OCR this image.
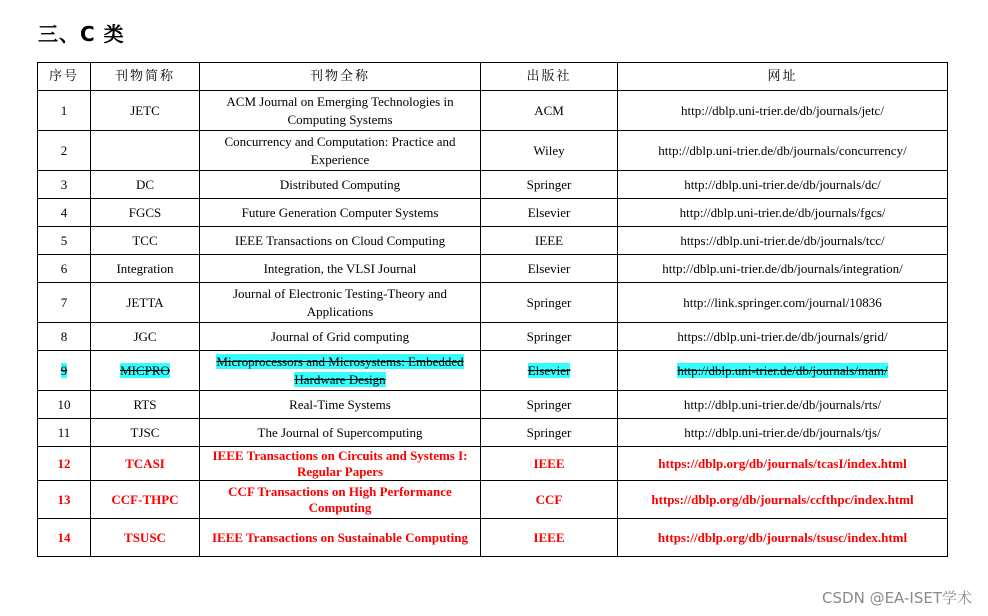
三、C 类
序号	刊物简称	刊物全称	出版社	网址
1	JETC	ACM Journal on Emerging Technologies in Computing Systems	ACM	http://dblp.uni-trier.de/db/journals/jetc/
2		Concurrency and Computation: Practice and Experience	Wiley	http://dblp.uni-trier.de/db/journals/concurrency/
3	DC	Distributed Computing	Springer	http://dblp.uni-trier.de/db/journals/dc/
4	FGCS	Future Generation Computer Systems	Elsevier	http://dblp.uni-trier.de/db/journals/fgcs/
5	TCC	IEEE Transactions on Cloud Computing	IEEE	https://dblp.uni-trier.de/db/journals/tcc/
6	Integration	Integration, the VLSI Journal	Elsevier	http://dblp.uni-trier.de/db/journals/integration/
7	JETTA	Journal of Electronic Testing-Theory and Applications	Springer	http://link.springer.com/journal/10836
8	JGC	Journal of Grid computing	Springer	https://dblp.uni-trier.de/db/journals/grid/
9	MICPRO	Microprocessors and Microsystems: Embedded Hardware Design	Elsevier	http://dblp.uni-trier.de/db/journals/mam/
10	RTS	Real-Time Systems	Springer	http://dblp.uni-trier.de/db/journals/rts/
11	TJSC	The Journal of Supercomputing	Springer	http://dblp.uni-trier.de/db/journals/tjs/
12	TCASI	IEEE Transactions on Circuits and Systems I: Regular Papers	IEEE	https://dblp.org/db/journals/tcasI/index.html
13	CCF-THPC	CCF Transactions on High Performance Computing	CCF	https://dblp.org/db/journals/ccfthpc/index.html
14	TSUSC	IEEE Transactions on Sustainable Computing	IEEE	https://dblp.org/db/journals/tsusc/index.html
CSDN @EA-ISET学术
